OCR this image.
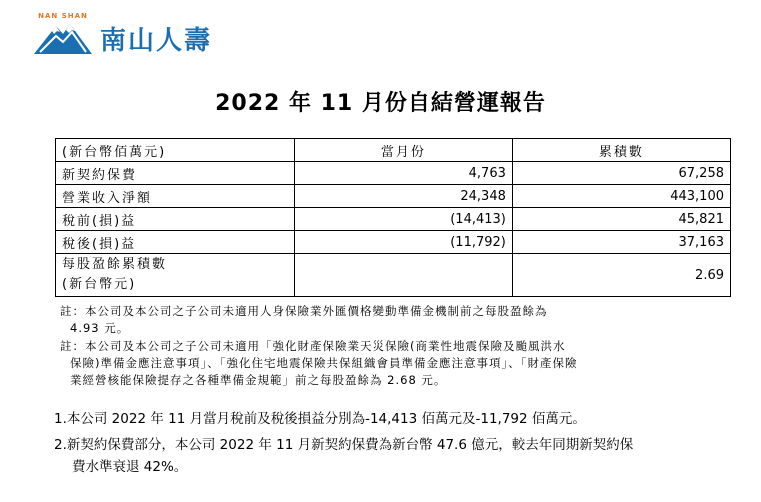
NAN SHAN
南山人壽
2022 年 11 月份自結營運報告
(新台幣佰萬元)	當月份	累積數
新契約保費	4,763	67,258
營業收入淨額	24,348	443,100
稅前(損)益	(14,413)	45,821
稅後(損)益	(11,792)	37,163

每股盈餘累積數
(新台幣元)		2.69
註：本公司及本公司之子公司未適用人身保險業外匯價格變動準備金機制前之每股盈餘為
4.93 元。
註：本公司及本公司之子公司未適用「強化財產保險業天災保險(商業性地震保險及颱風洪水
保險)準備金應注意事項」、「強化住宅地震保險共保組織會員準備金應注意事項」、「財產保險
業經營核能保險提存之各種準備金規範」前之每股盈餘為 2.68 元。
1.本公司 2022 年 11 月當月稅前及稅後損益分別為-14,413 佰萬元及-11,792 佰萬元。
2.新契約保費部分，本公司 2022 年 11 月新契約保費為新台幣 47.6 億元，較去年同期新契約保
費水準衰退 42%。
